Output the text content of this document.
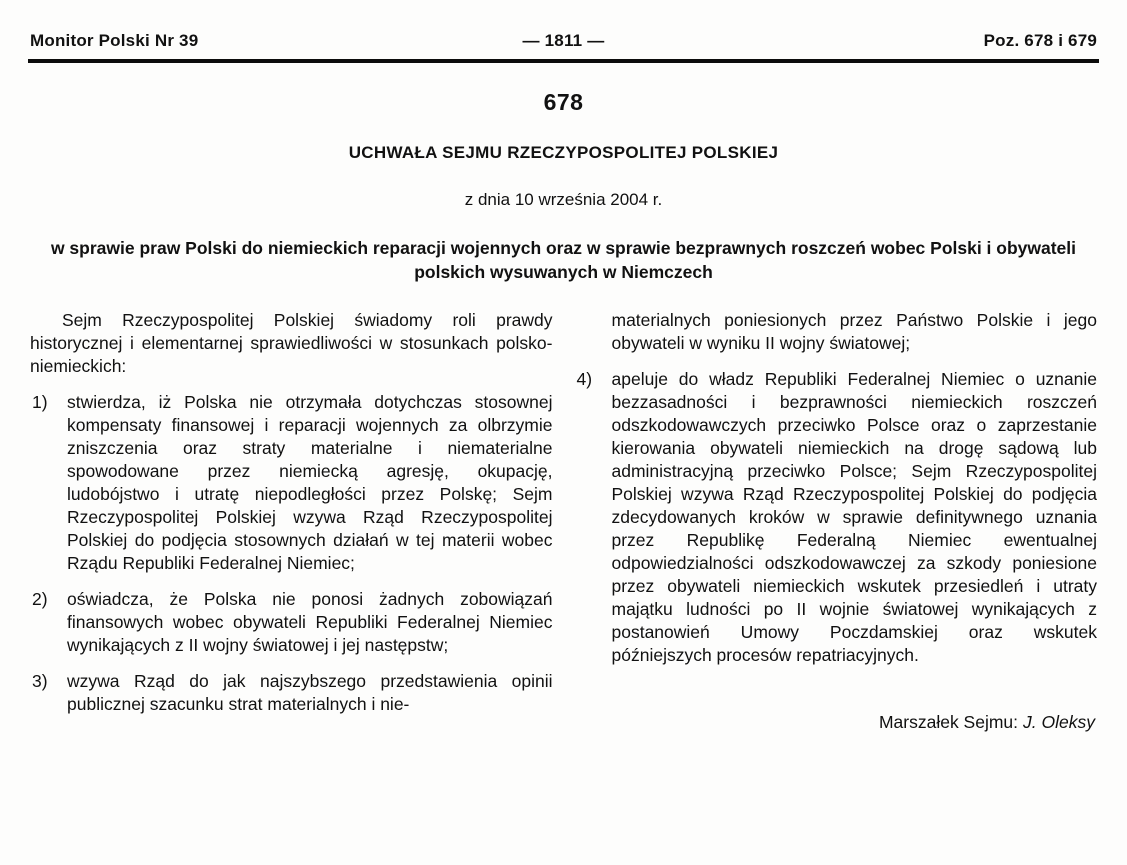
Monitor Polski Nr 39	— 1811 —	Poz. 678 i 679
678
UCHWAŁA SEJMU RZECZYPOSPOLITEJ POLSKIEJ
z dnia 10 września 2004 r.
w sprawie praw Polski do niemieckich reparacji wojennych oraz w sprawie bezprawnych roszczeń wobec Polski i obywateli polskich wysuwanych w Niemczech

Sejm Rzeczypospolitej Polskiej świadomy roli prawdy historycznej i elementarnej sprawiedliwości w stosunkach polsko-niemieckich:

1) stwierdza, iż Polska nie otrzymała dotychczas stosownej kompensaty finansowej i reparacji wojennych za olbrzymie zniszczenia oraz straty materialne i niematerialne spowodowane przez niemiecką agresję, okupację, ludobójstwo i utratę niepodległości przez Polskę; Sejm Rzeczypospolitej Polskiej wzywa Rząd Rzeczypospolitej Polskiej do podjęcia stosownych działań w tej materii wobec Rządu Republiki Federalnej Niemiec;
2) oświadcza, że Polska nie ponosi żadnych zobowiązań finansowych wobec obywateli Republiki Federalnej Niemiec wynikających z II wojny światowej i jej następstw;
3) wzywa Rząd do jak najszybszego przedstawienia opinii publicznej szacunku strat materialnych i nie-

materialnych poniesionych przez Państwo Polskie i jego obywateli w wyniku II wojny światowej;

4) apeluje do władz Republiki Federalnej Niemiec o uznanie bezzasadności i bezprawności niemieckich roszczeń odszkodowawczych przeciwko Polsce oraz o zaprzestanie kierowania obywateli niemieckich na drogę sądową lub administracyjną przeciwko Polsce; Sejm Rzeczypospolitej Polskiej wzywa Rząd Rzeczypospolitej Polskiej do podjęcia zdecydowanych kroków w sprawie definitywnego uznania przez Republikę Federalną Niemiec ewentualnej odpowiedzialności odszkodowawczej za szkody poniesione przez obywateli niemieckich wskutek przesiedleń i utraty majątku ludności po II wojnie światowej wynikających z postanowień Umowy Poczdamskiej oraz wskutek późniejszych procesów repatriacyjnych.
Marszałek Sejmu: J. Oleksy
